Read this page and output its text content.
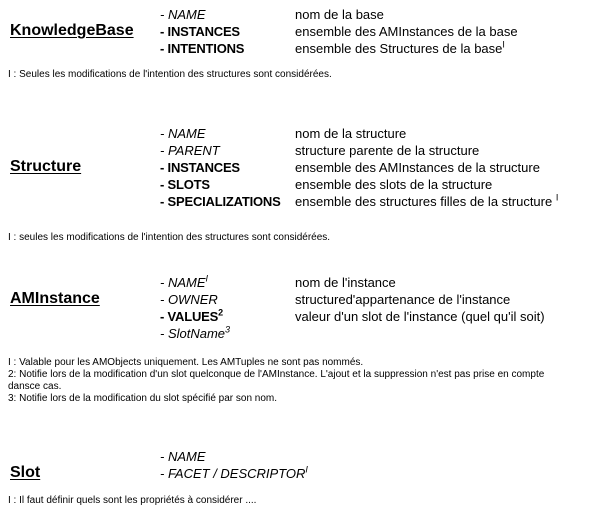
KnowledgeBase
- NAME	nom de la base
- INSTANCES	ensemble des AMInstances de la base
- INTENTIONS	ensemble des Structures de la base$^I$

I : Seules les modifications de l'intention des structures sont considérées.

Structure
- NAME	nom de la structure
- PARENT	structure parente de la structure
- INSTANCES	ensemble des AMInstances de la structure
- SLOTS	ensemble des slots de la structure
- SPECIALIZATIONS ensemble des structures filles de la structure $^I$

I : seules les modifications de l'intention des structures sont considérées.

AMInstance
- $NAME^I$	nom de l'instance
- OWNER	structured'appartenance de l'instance
- VALUES$^2$	valeur d'un slot de l'instance (quel qu'il soit)
- SlotName$^3$

I : Valable pour les AMObjects uniquement. Les AMTuples ne sont pas nommés.

2: Notifie lors de la modification d'un slot quelconque de l'AMInstance. L'ajout et la suppression n'est pas prise en compte dansce cas.

3: Notifie lors de la modification du slot spécifié par son nom.

Slot
- NAME
- FACET / $DESCRIPTOR^I$

I : Il faut définir quels sont les propriétés à considérer ....
